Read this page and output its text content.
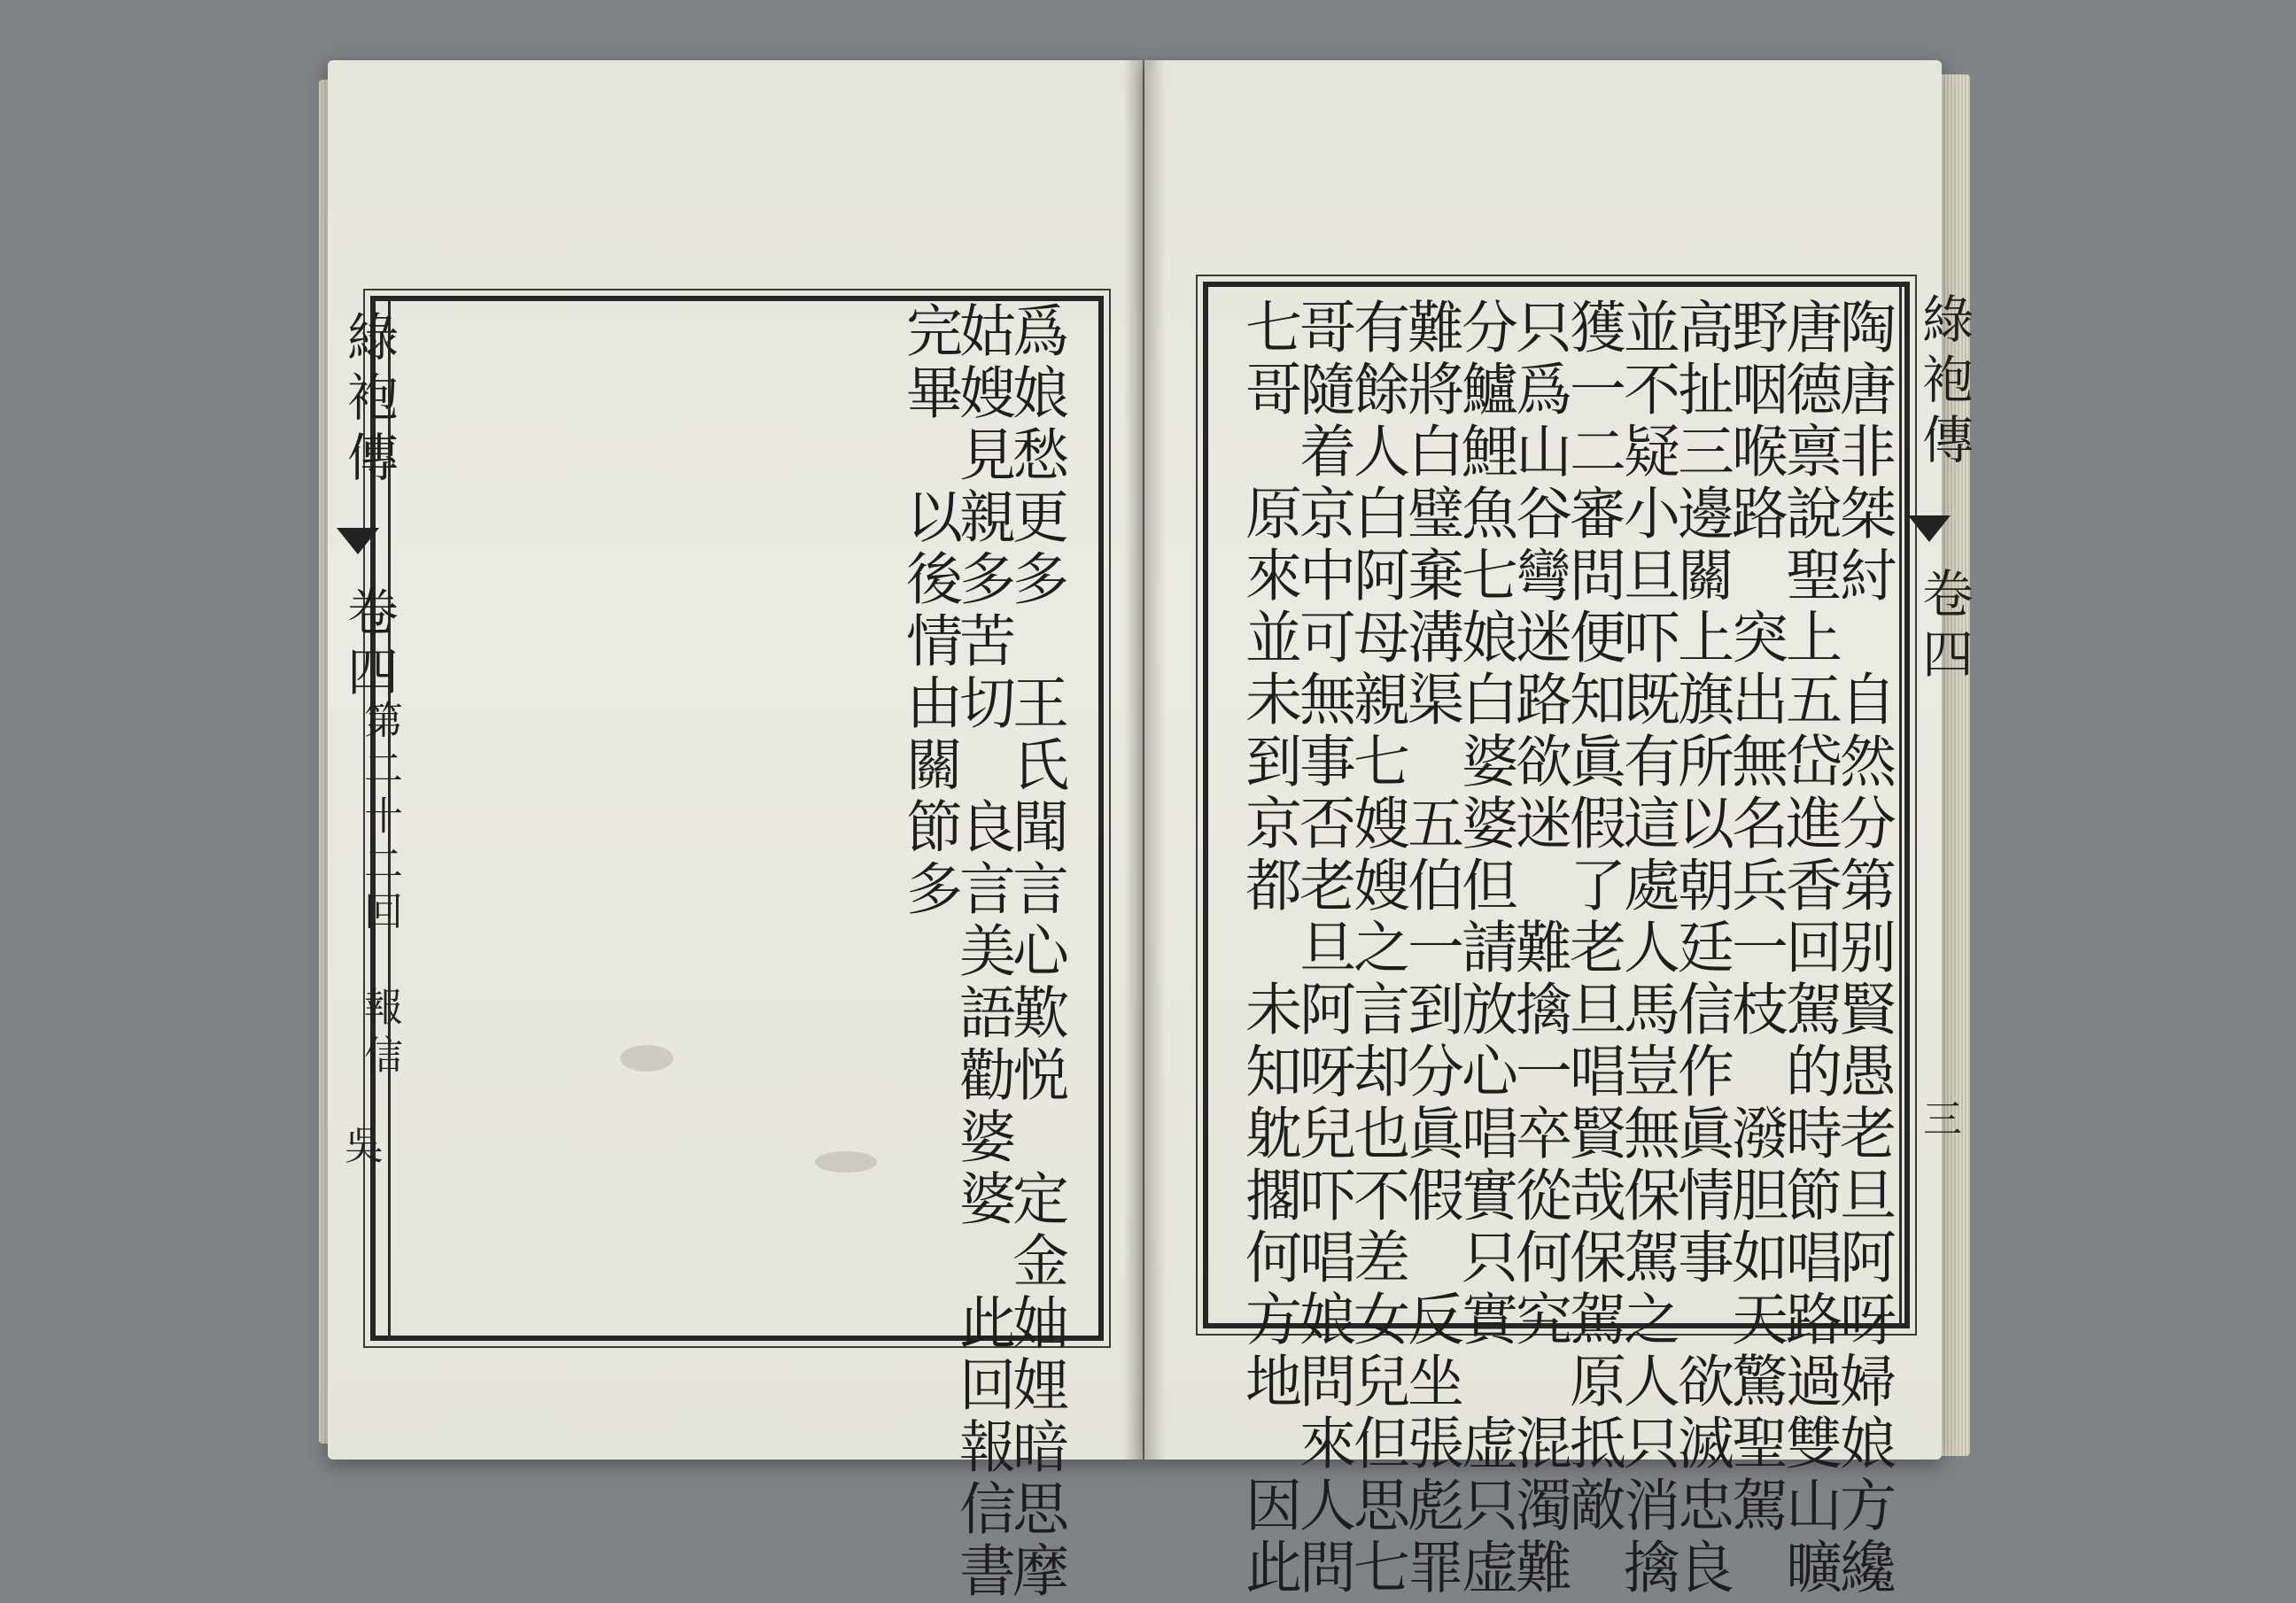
綠袍傳
卷四
第二十二回　報信
吳	爲娘愁更多　王氏聞言心歎悦　定金妯娌暗思摩
姑嫂見親多苦切　良言美語勸婆婆　此回報信書
完畢　以後情由關節多	綠袍傳
卷四
三
陶唐非桀紂　自然分第别賢愚老旦阿呀婦娘方纔
唐德禀說聖上五岱進香回駕的時節唱路過雙山曠
野咽喉路　突出無名兵一枝　潑胆如天驚聖駕
高扯三邊關上旗所以朝廷信作眞情事　欲滅忠良
並不疑小旦吓既有這處人馬豈無保駕之人只消擒
獲一二審問便知眞假了老旦唱賢哉保駕原抵敵
只爲山谷彎迷路欲迷　難擒一卒從何究　混濁難
分鱸鯉魚七娘白婆婆但請放心唱實只實　虚只虚
難將白璧棄溝渠　五伯一到分眞假　反坐張彪罪
有餘人白阿母親七嫂嫂之言却也不差女兒但思七
哥隨着京中可無事否老旦阿呀兒吓唱娘問來人問
七哥　原來並未到京都　未知躭擱何方地　因此
